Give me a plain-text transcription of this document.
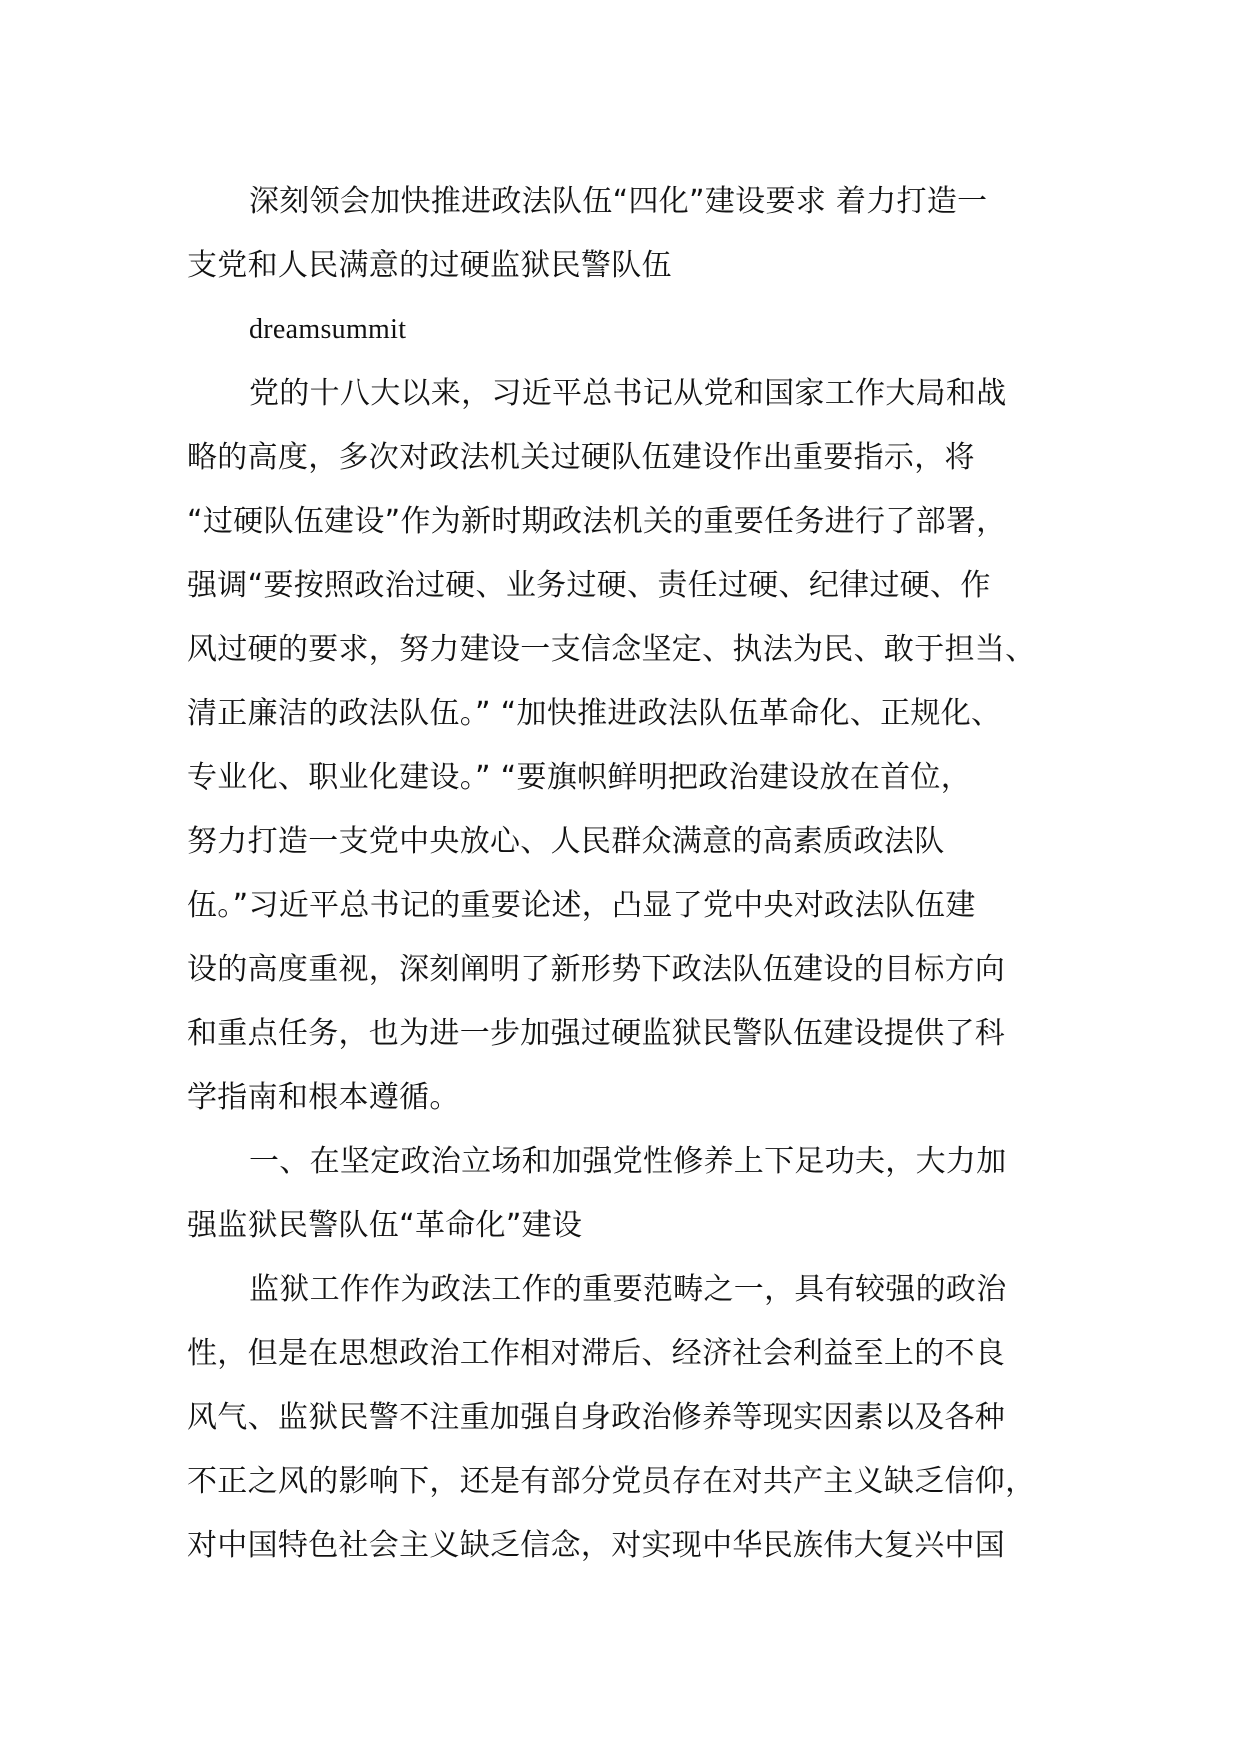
深刻领会加快推进政法队伍“四化”建设要求 着力打造一
支党和人民满意的过硬监狱民警队伍
dreamsummit
党的十八大以来，习近平总书记从党和国家工作大局和战
略的高度，多次对政法机关过硬队伍建设作出重要指示，将
“过硬队伍建设”作为新时期政法机关的重要任务进行了部署，
强调“要按照政治过硬、业务过硬、责任过硬、纪律过硬、作
风过硬的要求，努力建设一支信念坚定、执法为民、敢于担当、
清正廉洁的政法队伍。” “加快推进政法队伍革命化、正规化、
专业化、职业化建设。” “要旗帜鲜明把政治建设放在首位，
努力打造一支党中央放心、人民群众满意的高素质政法队
伍。”习近平总书记的重要论述，凸显了党中央对政法队伍建
设的高度重视，深刻阐明了新形势下政法队伍建设的目标方向
和重点任务，也为进一步加强过硬监狱民警队伍建设提供了科
学指南和根本遵循。
一、在坚定政治立场和加强党性修养上下足功夫，大力加
强监狱民警队伍“革命化”建设
监狱工作作为政法工作的重要范畴之一，具有较强的政治
性，但是在思想政治工作相对滞后、经济社会利益至上的不良
风气、监狱民警不注重加强自身政治修养等现实因素以及各种
不正之风的影响下，还是有部分党员存在对共产主义缺乏信仰，
对中国特色社会主义缺乏信念，对实现中华民族伟大复兴中国
